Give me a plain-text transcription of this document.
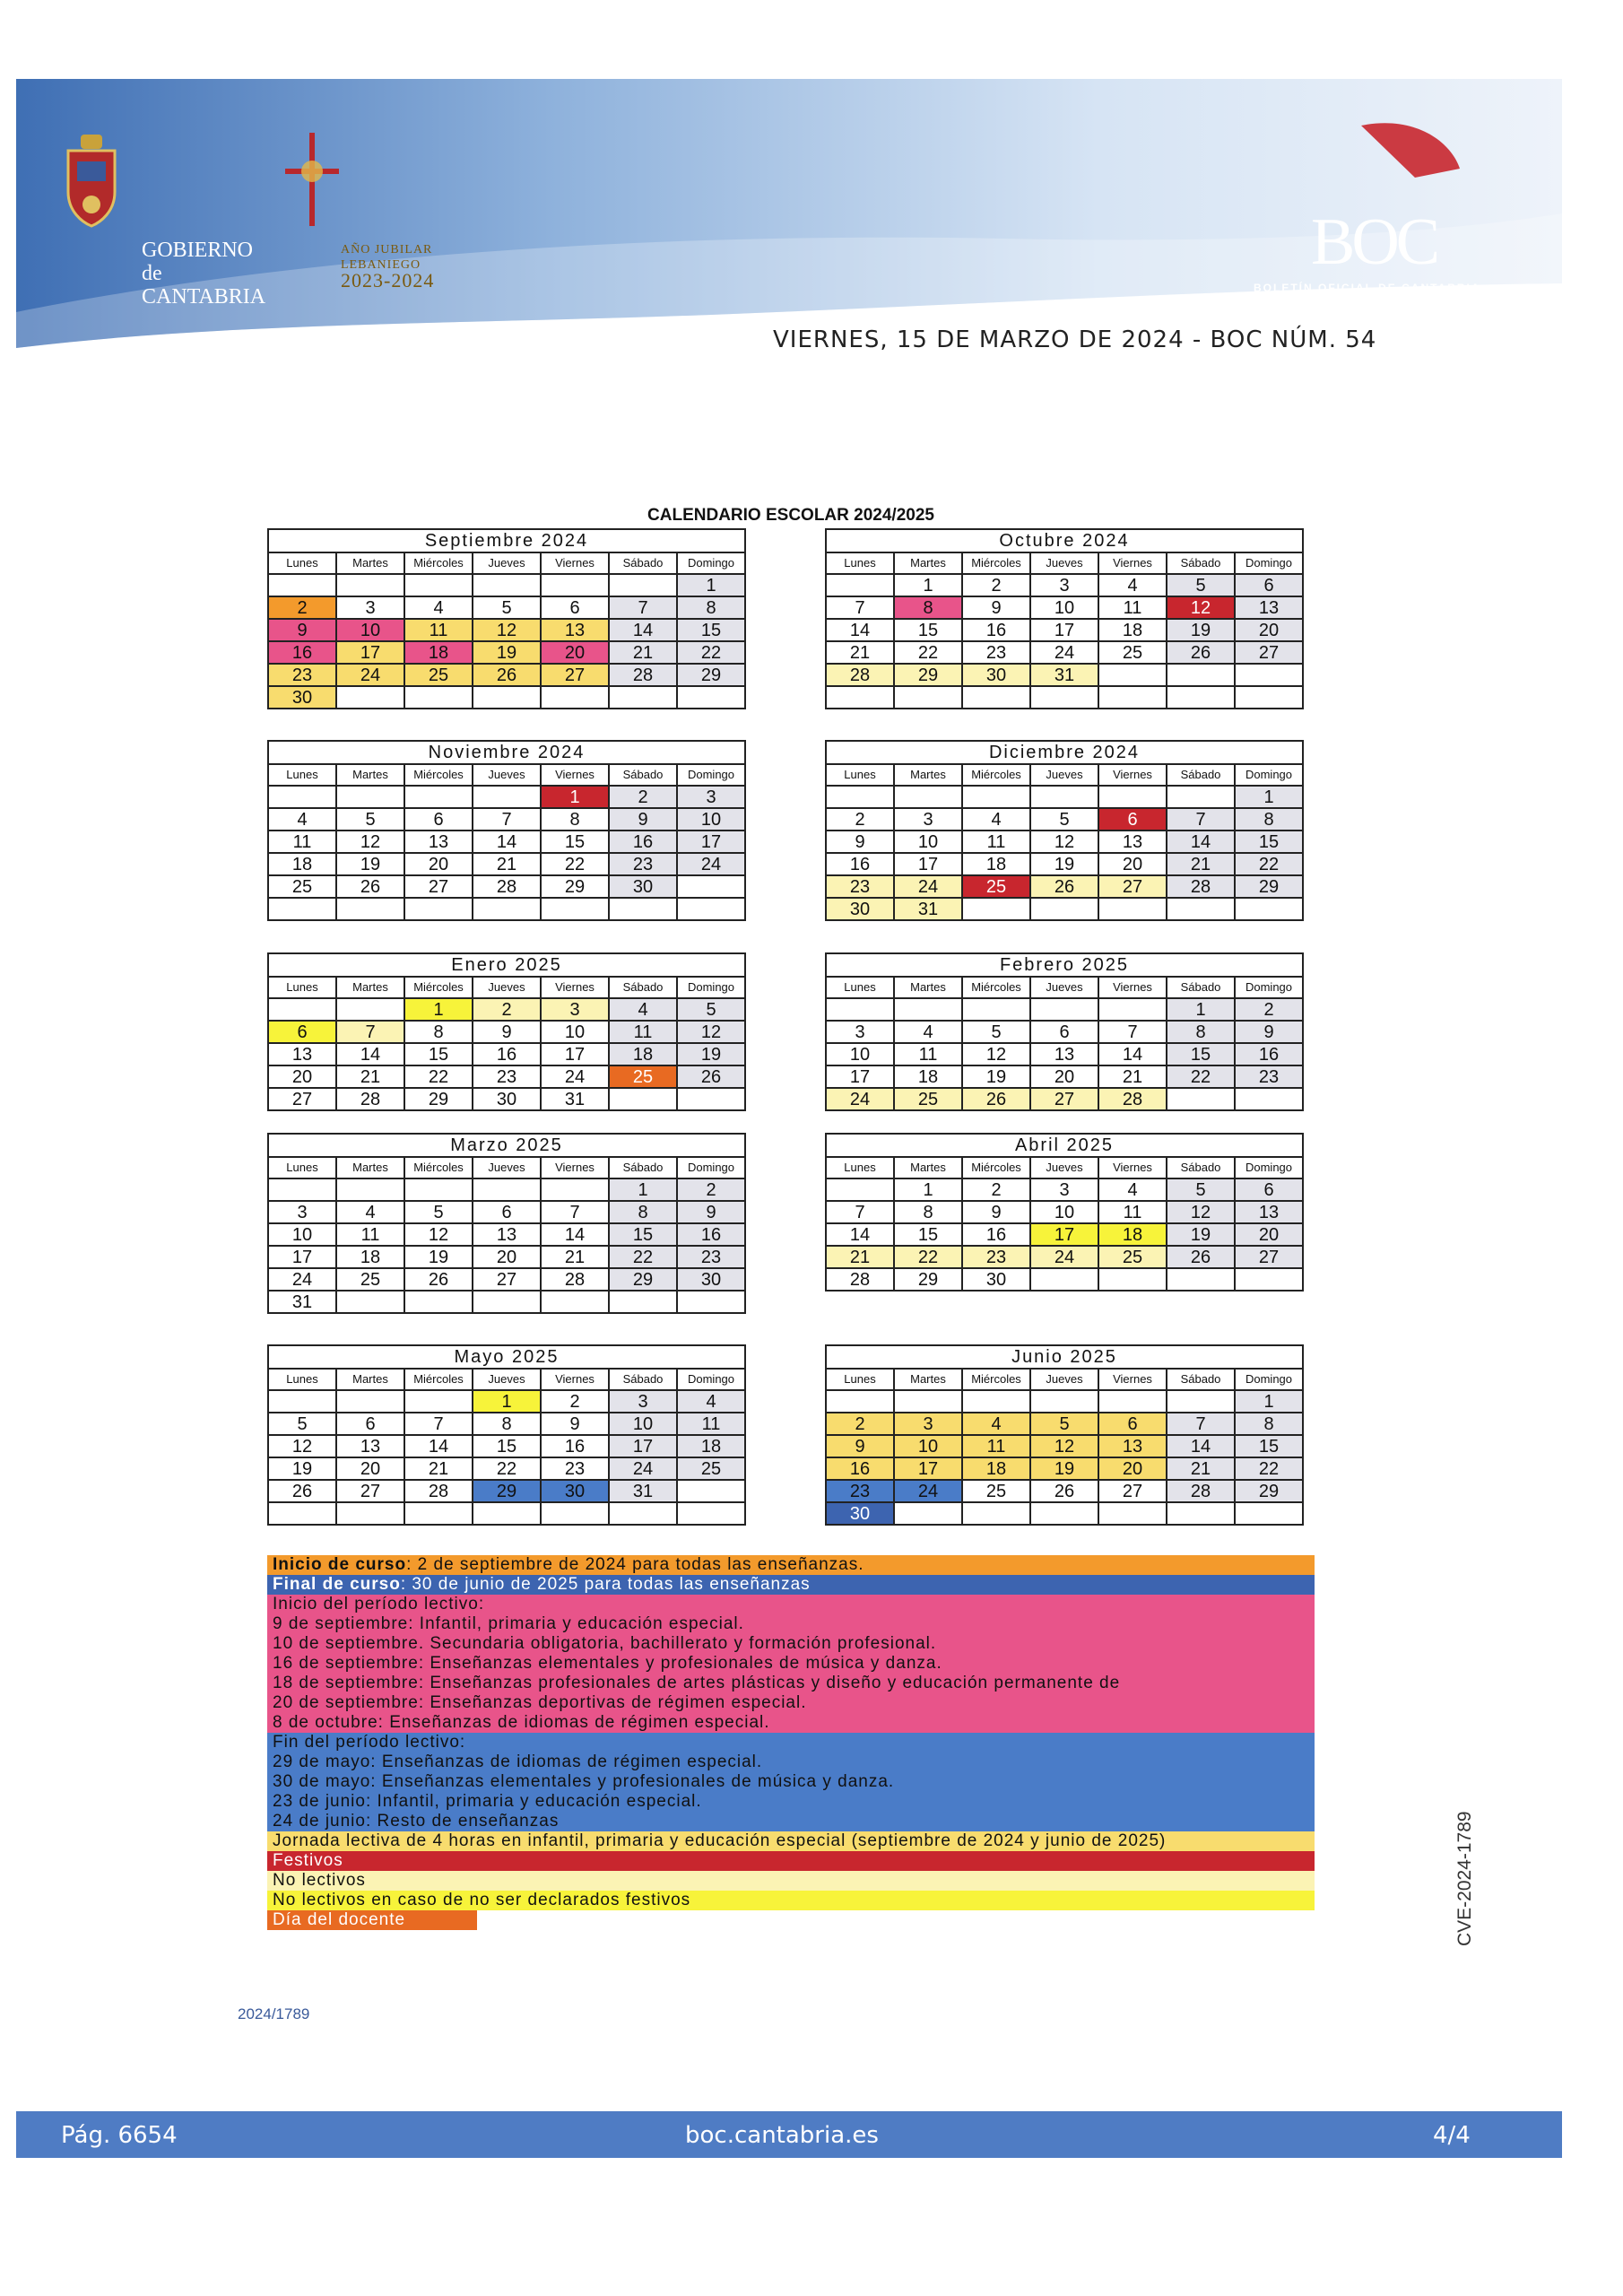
GOBIERNO
de
CANTABRIA
AÑO JUBILAR
LEBANIEGO
2023-2024
BOC
BOLETÍN OFICIAL DE CANTABRIA
VIERNES, 15 DE MARZO DE 2024 - BOC NÚM. 54
CALENDARIO ESCOLAR 2024/2025
Septiembre 2024						
Lunes	Martes	Miércoles	Jueves	Viernes	Sábado	Domingo
						1
2	3	4	5	6	7	8
9	10	11	12	13	14	15
16	17	18	19	20	21	22
23	24	25	26	27	28	29
30						
Octubre 2024						
Lunes	Martes	Miércoles	Jueves	Viernes	Sábado	Domingo
	1	2	3	4	5	6
7	8	9	10	11	12	13
14	15	16	17	18	19	20
21	22	23	24	25	26	27
28	29	30	31			

Noviembre 2024						
Lunes	Martes	Miércoles	Jueves	Viernes	Sábado	Domingo
				1	2	3
4	5	6	7	8	9	10
11	12	13	14	15	16	17
18	19	20	21	22	23	24
25	26	27	28	29	30	

Diciembre 2024						
Lunes	Martes	Miércoles	Jueves	Viernes	Sábado	Domingo
						1
2	3	4	5	6	7	8
9	10	11	12	13	14	15
16	17	18	19	20	21	22
23	24	25	26	27	28	29
30	31					
Enero 2025						
Lunes	Martes	Miércoles	Jueves	Viernes	Sábado	Domingo
		1	2	3	4	5
6	7	8	9	10	11	12
13	14	15	16	17	18	19
20	21	22	23	24	25	26
27	28	29	30	31		
Febrero 2025						
Lunes	Martes	Miércoles	Jueves	Viernes	Sábado	Domingo
					1	2
3	4	5	6	7	8	9
10	11	12	13	14	15	16
17	18	19	20	21	22	23
24	25	26	27	28		
Marzo 2025						
Lunes	Martes	Miércoles	Jueves	Viernes	Sábado	Domingo
					1	2
3	4	5	6	7	8	9
10	11	12	13	14	15	16
17	18	19	20	21	22	23
24	25	26	27	28	29	30
31						
Abril 2025						
Lunes	Martes	Miércoles	Jueves	Viernes	Sábado	Domingo
	1	2	3	4	5	6
7	8	9	10	11	12	13
14	15	16	17	18	19	20
21	22	23	24	25	26	27
28	29	30				
Mayo 2025						
Lunes	Martes	Miércoles	Jueves	Viernes	Sábado	Domingo
			1	2	3	4
5	6	7	8	9	10	11
12	13	14	15	16	17	18
19	20	21	22	23	24	25
26	27	28	29	30	31	

Junio 2025						
Lunes	Martes	Miércoles	Jueves	Viernes	Sábado	Domingo
						1
2	3	4	5	6	7	8
9	10	11	12	13	14	15
16	17	18	19	20	21	22
23	24	25	26	27	28	29
30						
Inicio de curso: 2 de septiembre de 2024 para todas las enseñanzas.
Final de curso: 30 de junio de 2025 para todas las enseñanzas
Inicio del período lectivo:
9 de septiembre: Infantil, primaria y educación especial.
10 de septiembre. Secundaria obligatoria, bachillerato y formación profesional.
16 de septiembre: Enseñanzas elementales y profesionales de música y danza.
18 de septiembre: Enseñanzas profesionales de artes plásticas y diseño y educación permanente de
20 de septiembre: Enseñanzas deportivas de régimen especial.
8 de octubre: Enseñanzas de idiomas de régimen especial.
Fin del período lectivo:
29 de mayo: Enseñanzas de idiomas de régimen especial.
30 de mayo: Enseñanzas elementales y profesionales de música y danza.
23 de junio: Infantil, primaria y educación especial.
24 de junio: Resto de enseñanzas
Jornada lectiva de 4 horas en infantil, primaria y educación especial (septiembre de 2024 y junio de 2025)
Festivos
No lectivos
No lectivos en caso de no ser declarados festivos
Día del docente
2024/1789
CVE-2024-1789
Pág. 6654	boc.cantabria.es	4/4
